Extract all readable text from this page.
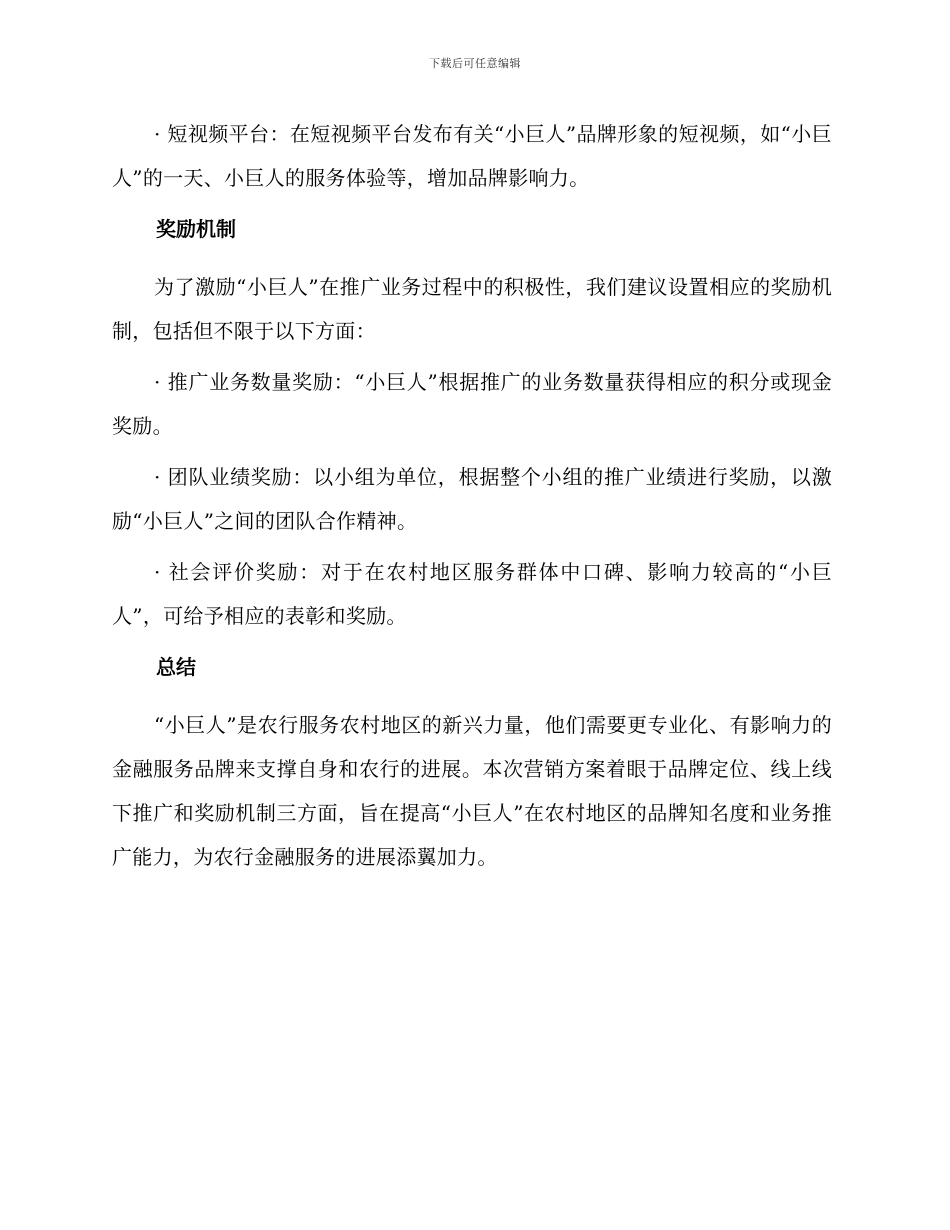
下载后可任意编辑

· 短视频平台：在短视频平台发布有关“小巨人”品牌形象的短视频，如“小巨人”的一天、小巨人的服务体验等，增加品牌影响力。

奖励机制

为了激励“小巨人”在推广业务过程中的积极性，我们建议设置相应的奖励机制，包括但不限于以下方面：

· 推广业务数量奖励：“小巨人”根据推广的业务数量获得相应的积分或现金奖励。

· 团队业绩奖励：以小组为单位，根据整个小组的推广业绩进行奖励，以激励“小巨人”之间的团队合作精神。

· 社会评价奖励：对于在农村地区服务群体中口碑、影响力较高的“小巨人”，可给予相应的表彰和奖励。

总结

“小巨人”是农行服务农村地区的新兴力量，他们需要更专业化、有影响力的金融服务品牌来支撑自身和农行的进展。本次营销方案着眼于品牌定位、线上线下推广和奖励机制三方面，旨在提高“小巨人”在农村地区的品牌知名度和业务推广能力，为农行金融服务的进展添翼加力。
